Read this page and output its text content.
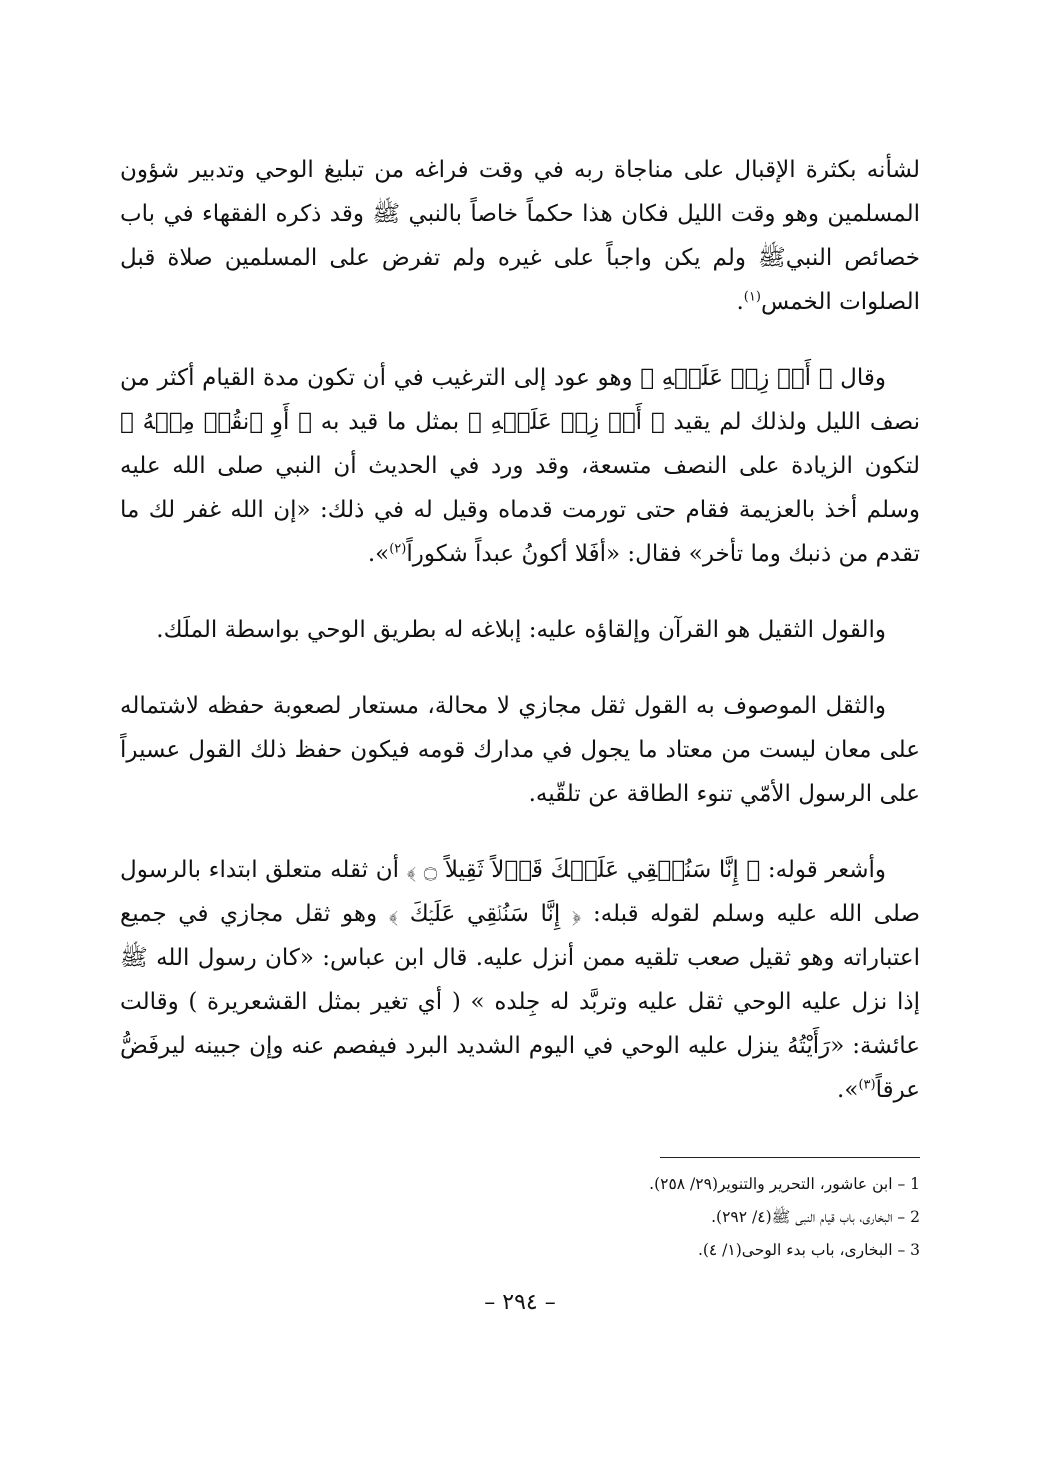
لشأنه بكثرة الإقبال على مناجاة ربه في وقت فراغه من تبليغ الوحي وتدبير شؤون المسلمين وهو وقت الليل فكان هذا حكماً خاصاً بالنبي ﷺ وقد ذكره الفقهاء في باب خصائص النبيﷺ ولم يكن واجباً على غيره ولم تفرض على المسلمين صلاة قبل الصلوات الخمس$^{(١)}$.

وقال ﴿ أَوۡ زِدۡ عَلَيۡهِ ﴾ وهو عود إلى الترغيب في أن تكون مدة القيام أكثر من نصف الليل ولذلك لم يقيد ﴿ أَوۡ زِدۡ عَلَيۡهِ ﴾ بمثل ما قيد به ﴿ أَوِ ٱنقُصۡ مِنۡهُ ﴾ لتكون الزيادة على النصف متسعة، وقد ورد في الحديث أن النبي صلى الله عليه وسلم أخذ بالعزيمة فقام حتى تورمت قدماه وقيل له في ذلك: «إن الله غفر لك ما تقدم من ذنبك وما تأخر» فقال: «أفَلا أكونُ عبداً شكوراً$^{(٢)}$».

والقول الثقيل هو القرآن وإلقاؤه عليه: إبلاغه له بطريق الوحي بواسطة الملَك.

والثقل الموصوف به القول ثقل مجازي لا محالة، مستعار لصعوبة حفظه لاشتماله على معان ليست من معتاد ما يجول في مدارك قومه فيكون حفظ ذلك القول عسيراً على الرسول الأمّي تنوء الطاقة عن تلقّيه.

وأشعر قوله: ﴿ إِنَّا سَنُلۡقِي عَلَيۡكَ قَوۡلاً ثَقِيلاً ۝ ﴾ أن ثقله متعلق ابتداء بالرسول صلى الله عليه وسلم لقوله قبله: ﴿ إِنَّا سَنُلۡقِي عَلَيۡكَ ﴾ وهو ثقل مجازي في جميع اعتباراته وهو ثقيل صعب تلقيه ممن أنزل عليه. قال ابن عباس: «كان رسول الله ﷺ إذا نزل عليه الوحي ثقل عليه وتربَّد له جِلده » ( أي تغير بمثل القشعريرة ) وقالت عائشة: «رَأَيْتُهُ ينزل عليه الوحي في اليوم الشديد البرد فيفصم عنه وإن جبينه ليرفَضُّ عرقاً$^{(٣)}$».

1 – ابن عاشور، التحرير والتنوير(٢٩/ ٢٥٨).

2 – البخارى، باب قيام النبى ﷺ(٤/ ٢٩٢).

3 – البخارى، باب بدء الوحى(١/ ٤).

– ٢٩٤ –
